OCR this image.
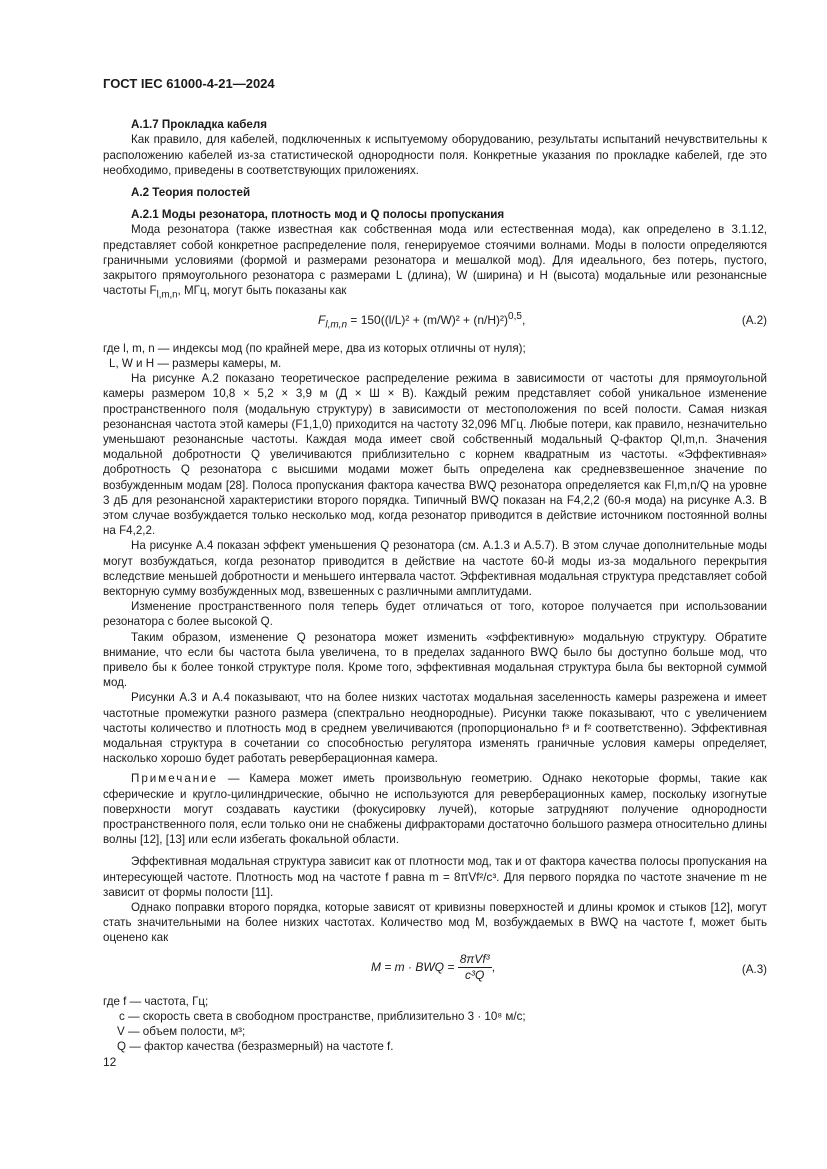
ГОСТ IEC 61000-4-21—2024
А.1.7 Прокладка кабеля

Как правило, для кабелей, подключенных к испытуемому оборудованию, результаты испытаний нечувствительны к расположению кабелей из-за статистической однородности поля. Конкретные указания по прокладке кабелей, где это необходимо, приведены в соответствующих приложениях.

А.2 Теория полостей
А.2.1 Моды резонатора, плотность мод и Q полосы пропускания

Мода резонатора (также известная как собственная мода или естественная мода), как определено в 3.1.12, представляет собой конкретное распределение поля, генерируемое стоячими волнами. Моды в полости определяются граничными условиями (формой и размерами резонатора и мешалкой мод). Для идеального, без потерь, пустого, закрытого прямоугольного резонатора с размерами L (длина), W (ширина) и H (высота) модальные или резонансные частоты $F_{l,m,n}$, МГц, могут быть показаны как

$F_{l,m,n} = 150((l/L)^2 + (m/W)^2 + (n/H)^2)^{0,5}$,	(А.2)
где l, m, n — индексы мод (по крайней мере, два из которых отличны от нуля);
L, W и H — размеры камеры, м.

На рисунке А.2 показано теоретическое распределение режима в зависимости от частоты для прямоугольной камеры размером 10,8 × 5,2 × 3,9 м (Д × Ш × В). Каждый режим представляет собой уникальное изменение пространственного поля (модальную структуру) в зависимости от местоположения по всей полости. Самая низкая резонансная частота этой камеры (F1,1,0) приходится на частоту 32,096 МГц. Любые потери, как правило, незначительно уменьшают резонансные частоты. Каждая мода имеет свой собственный модальный Q-фактор Ql,m,n. Значения модальной добротности Q увеличиваются приблизительно с корнем квадратным из частоты. «Эффективная» добротность Q резонатора с высшими модами может быть определена как средневзвешенное значение по возбужденным модам [28]. Полоса пропускания фактора качества BWQ резонатора определяется как Fl,m,n/Q на уровне 3 дБ для резонансной характеристики второго порядка. Типичный BWQ показан на F4,2,2 (60-я мода) на рисунке А.3. В этом случае возбуждается только несколько мод, когда резонатор приводится в действие источником постоянной волны на F4,2,2.

На рисунке А.4 показан эффект уменьшения Q резонатора (см. А.1.3 и А.5.7). В этом случае дополнительные моды могут возбуждаться, когда резонатор приводится в действие на частоте 60-й моды из-за модального перекрытия вследствие меньшей добротности и меньшего интервала частот. Эффективная модальная структура представляет собой векторную сумму возбужденных мод, взвешенных с различными амплитудами.

Изменение пространственного поля теперь будет отличаться от того, которое получается при использовании резонатора с более высокой Q.

Таким образом, изменение Q резонатора может изменить «эффективную» модальную структуру. Обратите внимание, что если бы частота была увеличена, то в пределах заданного BWQ было бы доступно больше мод, что привело бы к более тонкой структуре поля. Кроме того, эффективная модальная структура была бы векторной суммой мод.

Рисунки А.3 и А.4 показывают, что на более низких частотах модальная заселенность камеры разрежена и имеет частотные промежутки разного размера (спектрально неоднородные). Рисунки также показывают, что с увеличением частоты количество и плотность мод в среднем увеличиваются (пропорционально f³ и f² соответственно). Эффективная модальная структура в сочетании со способностью регулятора изменять граничные условия камеры определяет, насколько хорошо будет работать реверберационная камера.

Примечание — Камера может иметь произвольную геометрию. Однако некоторые формы, такие как сферические и кругло-цилиндрические, обычно не используются для реверберационных камер, поскольку изогнутые поверхности могут создавать каустики (фокусировку лучей), которые затрудняют получение однородности пространственного поля, если только они не снабжены дифракторами достаточно большого размера относительно длины волны [12], [13] или если избегать фокальной области.

Эффективная модальная структура зависит как от плотности мод, так и от фактора качества полосы пропускания на интересующей частоте. Плотность мод на частоте f равна m = 8πVf²/c³. Для первого порядка по частоте значение m не зависит от формы полости [11].

Однако поправки второго порядка, которые зависят от кривизны поверхностей и длины кромок и стыков [12], могут стать значительными на более низких частотах. Количество мод M, возбуждаемых в BWQ на частоте f, может быть оценено как

M = m · BWQ = $\frac{\text{8πVf³}}{\text{c³Q}}$ ,	(А.3)
где f — частота, Гц;
c — скорость света в свободном пространстве, приблизительно 3 · 10⁸ м/с;
V — объем полости, м³;
Q — фактор качества (безразмерный) на частоте f.
12
